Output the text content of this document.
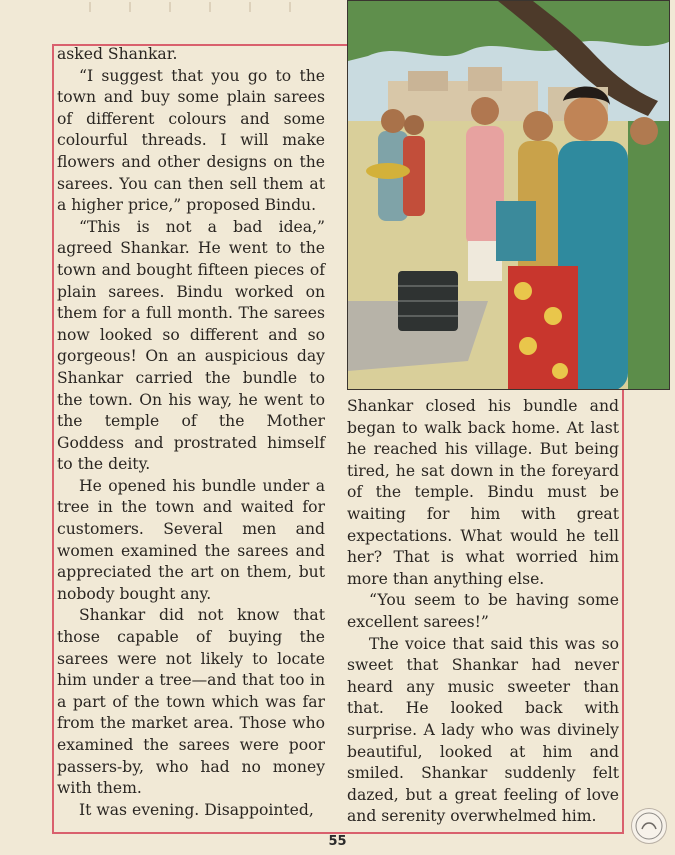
asked Shankar.

“I suggest that you go to the town and buy some plain sarees of different colours and some colourful threads. I will make flowers and other designs on the sarees. You can then sell them at a higher price,” proposed Bindu.

“This is not a bad idea,” agreed Shankar. He went to the town and bought fifteen pieces of plain sarees. Bindu worked on them for a full month. The sarees now looked so different and so gorgeous! On an auspicious day Shankar carried the bundle to the town. On his way, he went to the temple of the Mother Goddess and prostrated himself to the deity.

He opened his bundle under a tree in the town and waited for customers. Several men and women examined the sarees and appreciated the art on them, but nobody bought any.

Shankar did not know that those capable of buying the sarees were not likely to locate him under a tree—and that too in a part of the town which was far from the market area. Those who examined the sarees were poor passers-by, who had no money with them.

It was evening. Disappointed,

Shankar closed his bundle and began to walk back home. At last he reached his village. But being tired, he sat down in the foreyard of the temple. Bindu must be waiting for him with great expectations. What would he tell her? That is what worried him more than anything else.

“You seem to be having some excellent sarees!”

The voice that said this was so sweet that Shankar had never heard any music sweeter than that. He looked back with surprise. A lady who was divinely beautiful, looked at him and smiled. Shankar suddenly felt dazed, but a great feeling of love and serenity overwhelmed him.

55
